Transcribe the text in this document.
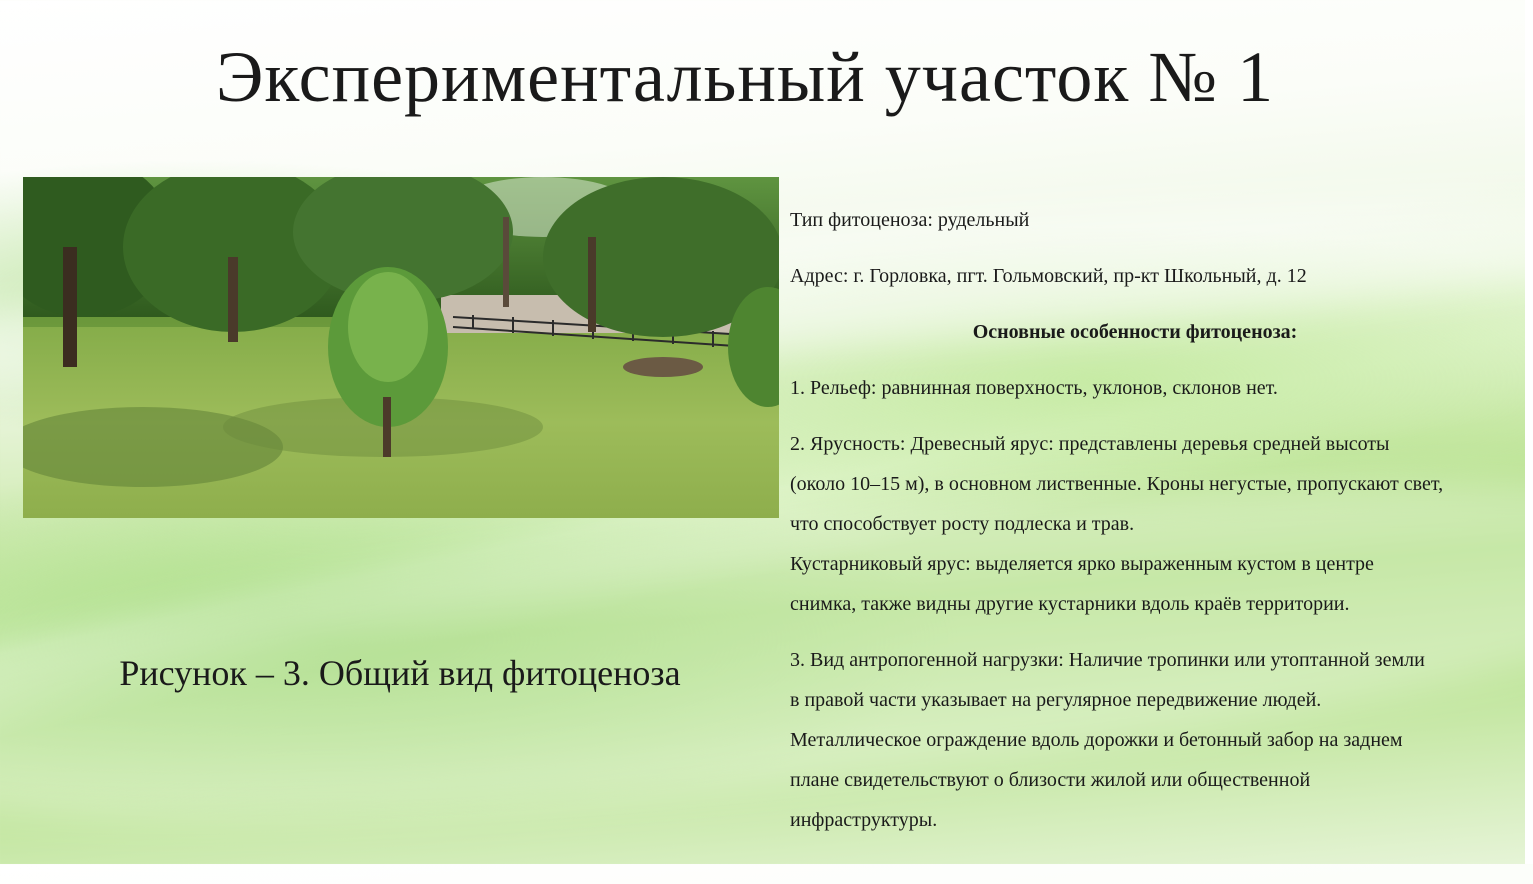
Экспериментальный участок № 1
Рисунок – 3. Общий вид фитоценоза

Тип фитоценоза: рудельный

Адрес: г. Горловка, пгт. Гольмовский, пр-кт Школьный, д. 12

Основные особенности фитоценоза:

1. Рельеф: равнинная поверхность, уклонов, склонов нет.

2. Ярусность: Древесный ярус: представлены деревья средней высоты

(около 10–15 м), в основном лиственные. Кроны негустые, пропускают свет,

что способствует росту подлеска и трав.

Кустарниковый ярус: выделяется ярко выраженным кустом в центре

снимка, также видны другие кустарники вдоль краёв территории.

3. Вид антропогенной нагрузки: Наличие тропинки или утоптанной земли

в правой части указывает на регулярное передвижение людей.

Металлическое ограждение вдоль дорожки и бетонный забор на заднем

плане свидетельствуют о близости жилой или общественной

инфраструктуры.
